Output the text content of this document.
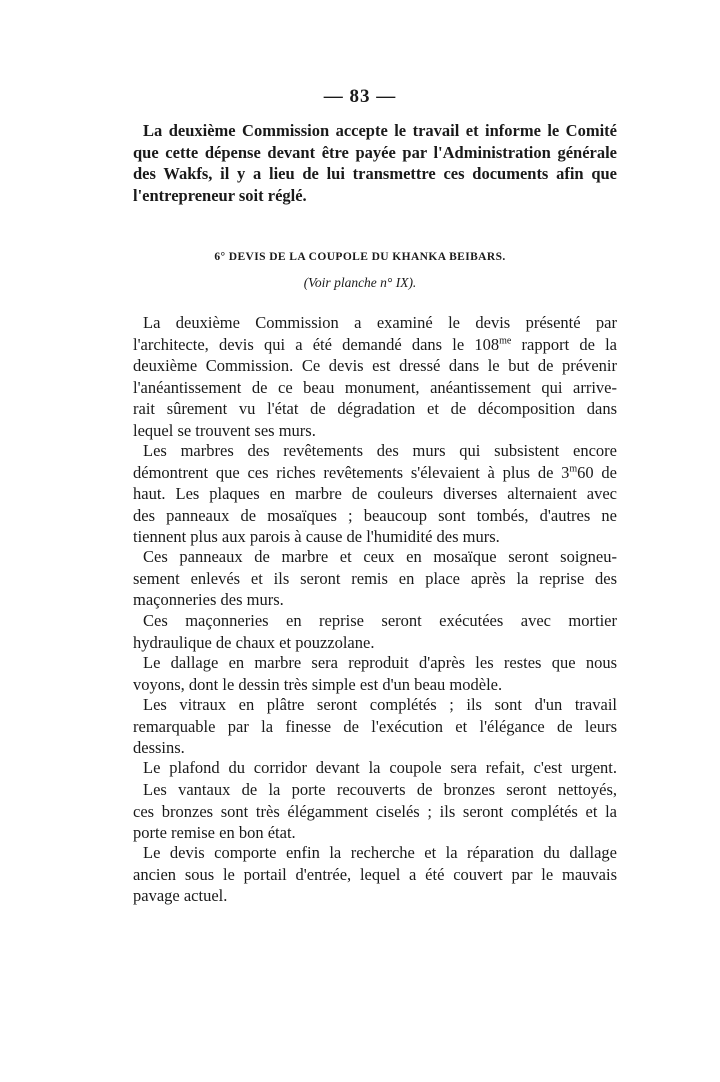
— 83 —
La deuxième Commission accepte le travail et informe le Comité
que cette dépense devant être payée par l'Administration générale
des Wakfs, il y a lieu de lui transmettre ces documents afin que
l'entrepreneur soit réglé.
6° DEVIS DE LA COUPOLE DU KHANKA BEIBARS.
(Voir planche n° IX).
La deuxième Commission a examiné le devis présenté par
l'architecte, devis qui a été demandé dans le $108^{me}$ rapport de la
deuxième Commission. Ce devis est dressé dans le but de prévenir
l'anéantissement de ce beau monument, anéantissement qui arrive-
rait sûrement vu l'état de dégradation et de décomposition dans
lequel se trouvent ses murs.
Les marbres des revêtements des murs qui subsistent encore
démontrent que ces riches revêtements s'élevaient à plus de 3$^m$60 de
haut. Les plaques en marbre de couleurs diverses alternaient avec
des panneaux de mosaïques ; beaucoup sont tombés, d'autres ne
tiennent plus aux parois à cause de l'humidité des murs.
Ces panneaux de marbre et ceux en mosaïque seront soigneu-
sement enlevés et ils seront remis en place après la reprise des
maçonneries des murs.
Ces maçonneries en reprise seront exécutées avec mortier
hydraulique de chaux et pouzzolane.
Le dallage en marbre sera reproduit d'après les restes que nous
voyons, dont le dessin très simple est d'un beau modèle.
Les vitraux en plâtre seront complétés ; ils sont d'un travail
remarquable par la finesse de l'exécution et l'élégance de leurs
dessins.
Le plafond du corridor devant la coupole sera refait, c'est urgent.
Les vantaux de la porte recouverts de bronzes seront nettoyés,
ces bronzes sont très élégamment ciselés ; ils seront complétés et la
porte remise en bon état.
Le devis comporte enfin la recherche et la réparation du dallage
ancien sous le portail d'entrée, lequel a été couvert par le mauvais
pavage actuel.
